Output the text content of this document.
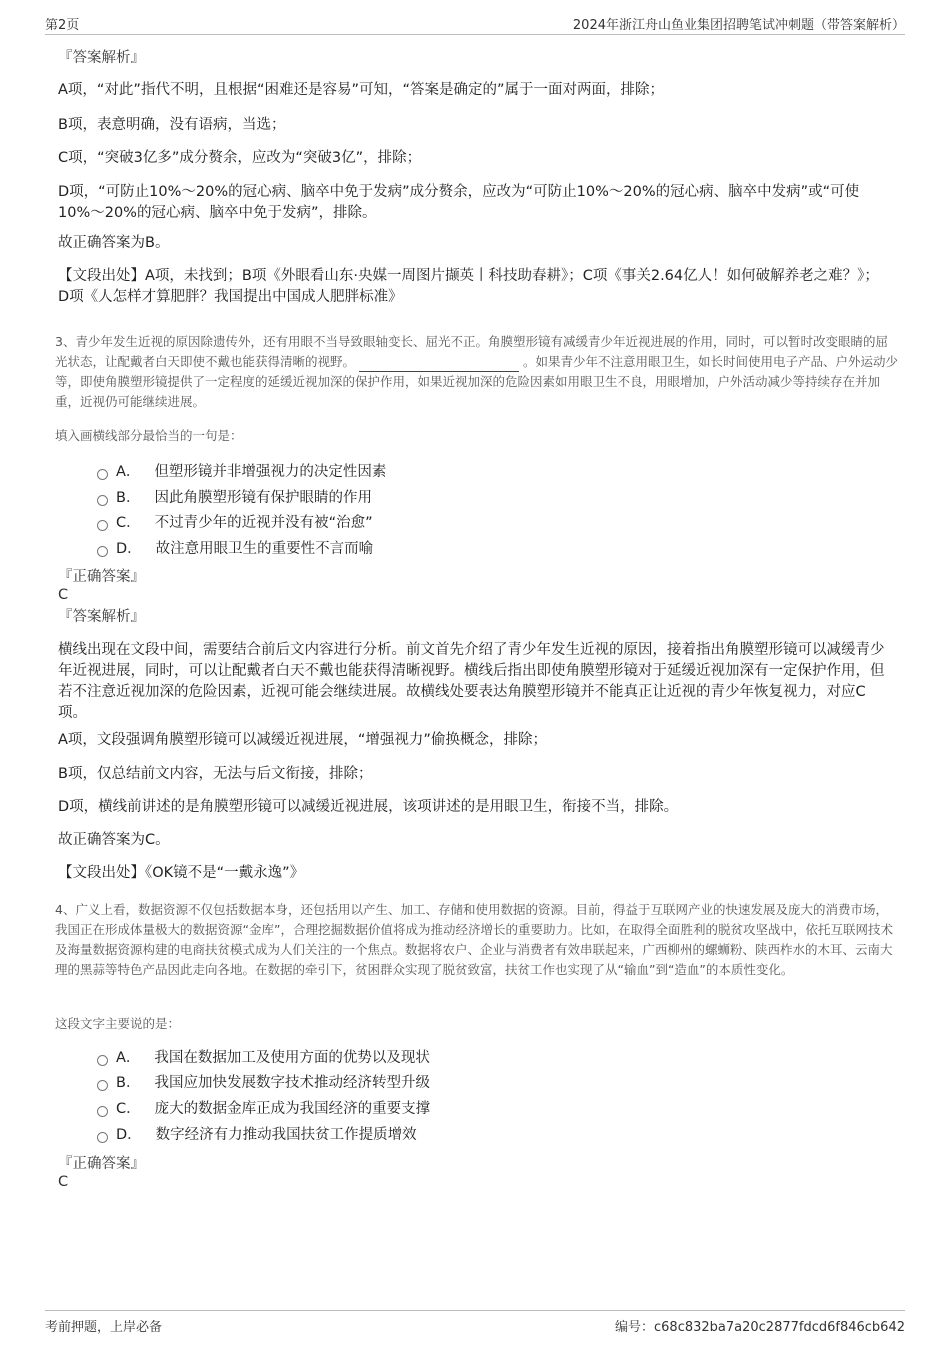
第2页	2024年浙江舟山鱼业集团招聘笔试冲刺题（带答案解析）
『答案解析』
A项，“对此”指代不明，且根据“困难还是容易”可知，“答案是确定的”属于一面对两面，排除；
B项，表意明确，没有语病，当选；
C项，“突破3亿多”成分赘余，应改为“突破3亿”，排除；
D项，“可防止10%～20%的冠心病、脑卒中免于发病”成分赘余，应改为“可防止10%～20%的冠心病、脑卒中发病”或“可使10%～20%的冠心病、脑卒中免于发病”，排除。
故正确答案为B。
【文段出处】A项，未找到；B项《外眼看山东·央媒一周图片撷英丨科技助春耕》；C项《事关2.64亿人！如何破解养老之难？》；D项《人怎样才算肥胖？我国提出中国成人肥胖标准》
3、青少年发生近视的原因除遗传外，还有用眼不当导致眼轴变长、屈光不正。角膜塑形镜有减缓青少年近视进展的作用，同时，可以暂时改变眼睛的屈光状态，让配戴者白天即使不戴也能获得清晰的视野。	。如果青少年不注意用眼卫生，如长时间使用电子产品、户外运动少等，即使角膜塑形镜提供了一定程度的延缓近视加深的保护作用，如果近视加深的危险因素如用眼卫生不良，用眼增加，户外活动减少等持续存在并加重，近视仍可能继续进展。
填入画横线部分最恰当的一句是：
A． 但塑形镜并非增强视力的决定性因素
B． 因此角膜塑形镜有保护眼睛的作用
C． 不过青少年的近视并没有被“治愈”
D． 故注意用眼卫生的重要性不言而喻
『正确答案』
C
『答案解析』
横线出现在文段中间，需要结合前后文内容进行分析。前文首先介绍了青少年发生近视的原因，接着指出角膜塑形镜可以减缓青少年近视进展，同时，可以让配戴者白天不戴也能获得清晰视野。横线后指出即使角膜塑形镜对于延缓近视加深有一定保护作用，但若不注意近视加深的危险因素，近视可能会继续进展。故横线处要表达角膜塑形镜并不能真正让近视的青少年恢复视力，对应C项。
A项，文段强调角膜塑形镜可以减缓近视进展，“增强视力”偷换概念，排除；
B项，仅总结前文内容，无法与后文衔接，排除；
D项，横线前讲述的是角膜塑形镜可以减缓近视进展，该项讲述的是用眼卫生，衔接不当，排除。
故正确答案为C。
【文段出处】《OK镜不是“一戴永逸”》
4、广义上看，数据资源不仅包括数据本身，还包括用以产生、加工、存储和使用数据的资源。目前，得益于互联网产业的快速发展及庞大的消费市场，我国正在形成体量极大的数据资源“金库”，合理挖掘数据价值将成为推动经济增长的重要助力。比如，在取得全面胜利的脱贫攻坚战中，依托互联网技术及海量数据资源构建的电商扶贫模式成为人们关注的一个焦点。数据将农户、企业与消费者有效串联起来，广西柳州的螺蛳粉、陕西柞水的木耳、云南大理的黑蒜等特色产品因此走向各地。在数据的牵引下，贫困群众实现了脱贫致富，扶贫工作也实现了从“输血”到“造血”的本质性变化。
这段文字主要说的是：
A． 我国在数据加工及使用方面的优势以及现状
B． 我国应加快发展数字技术推动经济转型升级
C． 庞大的数据金库正成为我国经济的重要支撑
D． 数字经济有力推动我国扶贫工作提质增效
『正确答案』
C
考前押题，上岸必备	编号：c68c832ba7a20c2877fdcd6f846cb642
